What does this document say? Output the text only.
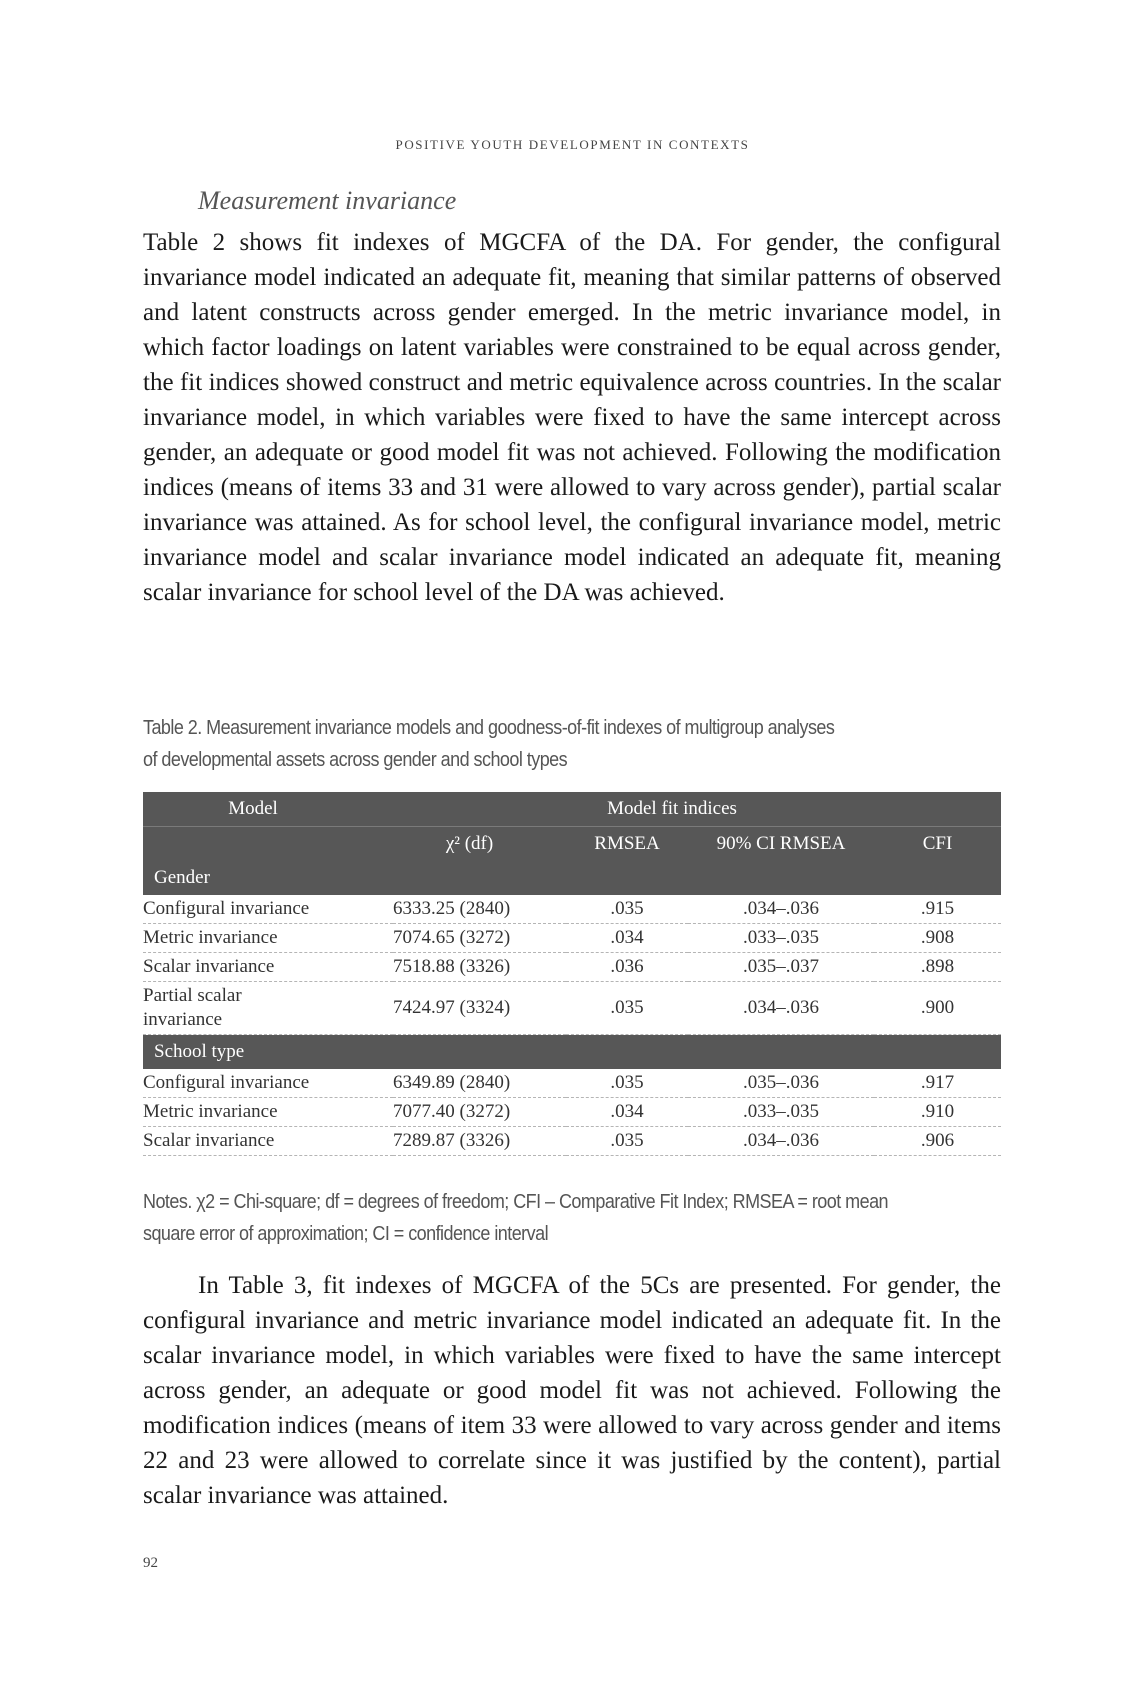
POSITIVE YOUTH DEVELOPMENT IN CONTEXTS
Measurement invariance

Table 2 shows fit indexes of MGCFA of the DA. For gender, the configural invariance model indicated an adequate fit, meaning that similar patterns of observed and latent constructs across gender emerged. In the metric invariance model, in which factor loadings on latent variables were constrained to be equal across gender, the fit indices showed construct and metric equivalence across countries. In the scalar invariance model, in which variables were fixed to have the same intercept across gender, an adequate or good model fit was not achieved. Following the modification indices (means of items 33 and 31 were allowed to vary across gender), partial scalar invariance was attained. As for school level, the configural invariance model, metric invariance model and scalar invariance model indicated an adequate fit, meaning scalar invariance for school level of the DA was achieved.

Table 2. Measurement invariance models and goodness-of-fit indexes of multigroup analyses
of developmental assets across gender and school types
Model	Model fit indices			
	χ² (df)	RMSEA	90% CI RMSEA	CFI
Gender				
Configural invariance	6333.25 (2840)	.035	.034–.036	.915
Metric invariance	7074.65 (3272)	.034	.033–.035	.908
Scalar invariance	7518.88 (3326)	.036	.035–.037	.898
Partial scalar
invariance	7424.97 (3324)	.035	.034–.036	.900
School type				
Configural invariance	6349.89 (2840)	.035	.035–.036	.917
Metric invariance	7077.40 (3272)	.034	.033–.035	.910
Scalar invariance	7289.87 (3326)	.035	.034–.036	.906
Notes. χ2 = Chi-square; df = degrees of freedom; CFI – Comparative Fit Index; RMSEA = root mean
square error of approximation; CI = confidence interval

In Table 3, fit indexes of MGCFA of the 5Cs are presented. For gender, the configural invariance and metric invariance model indicated an adequate fit. In the scalar invariance model, in which variables were fixed to have the same intercept across gender, an adequate or good model fit was not achieved. Following the modification indices (means of item 33 were allowed to vary across gender and items 22 and 23 were allowed to correlate since it was justified by the content), partial scalar invariance was attained.

92
